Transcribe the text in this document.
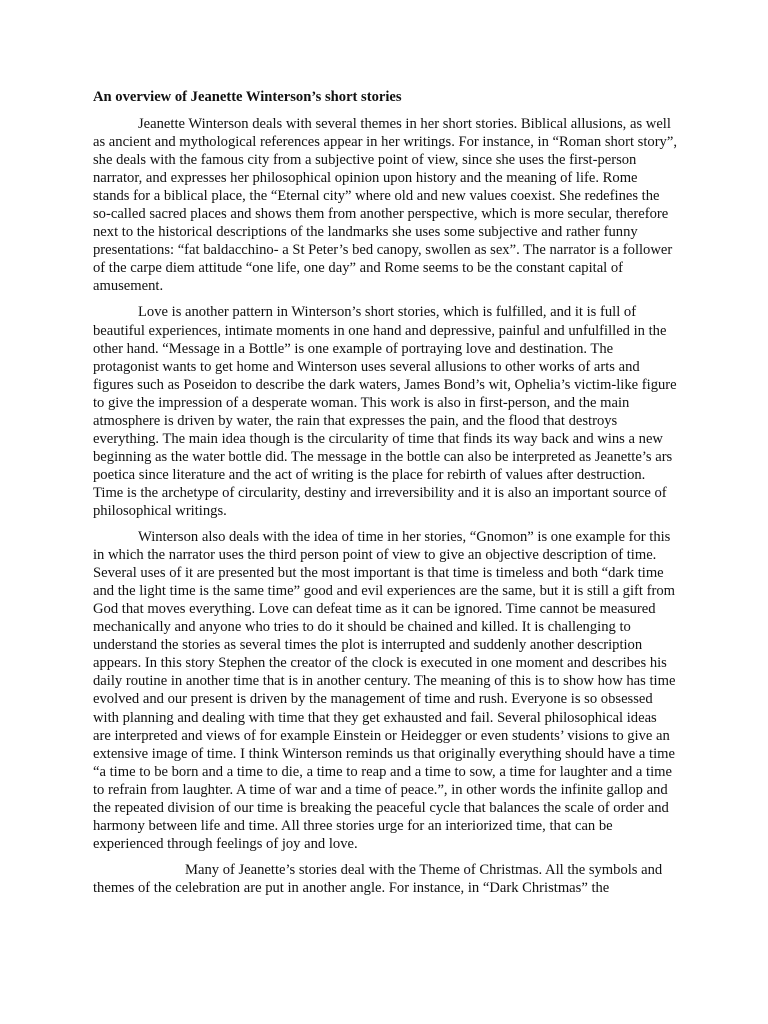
An overview of Jeanette Winterson’s short stories

Jeanette Winterson deals with several themes in her short stories. Biblical allusions, as well as ancient and mythological references appear in her writings. For instance, in “Roman short story”, she deals with the famous city from a subjective point of view, since she uses the first-person narrator, and expresses her philosophical opinion upon history and the meaning of life. Rome stands for a biblical place, the “Eternal city” where old and new values coexist. She redefines the so-called sacred places and shows them from another perspective, which is more secular, therefore next to the historical descriptions of the landmarks she uses some subjective and rather funny presentations: “fat baldacchino- a St Peter’s bed canopy, swollen as sex”. The narrator is a follower of the carpe diem attitude “one life, one day” and Rome seems to be the constant capital of amusement.

Love is another pattern in Winterson’s short stories, which is fulfilled, and it is full of beautiful experiences, intimate moments in one hand and depressive, painful and unfulfilled in the other hand. “Message in a Bottle” is one example of portraying love and destination. The protagonist wants to get home and Winterson uses several allusions to other works of arts and figures such as Poseidon to describe the dark waters, James Bond’s wit, Ophelia’s victim-like figure to give the impression of a desperate woman. This work is also in first-person, and the main atmosphere is driven by water, the rain that expresses the pain, and the flood that destroys everything. The main idea though is the circularity of time that finds its way back and wins a new beginning as the water bottle did. The message in the bottle can also be interpreted as Jeanette’s ars poetica since literature and the act of writing is the place for rebirth of values after destruction. Time is the archetype of circularity, destiny and irreversibility and it is also an important source of philosophical writings.

Winterson also deals with the idea of time in her stories, “Gnomon” is one example for this in which the narrator uses the third person point of view to give an objective description of time. Several uses of it are presented but the most important is that time is timeless and both “dark time and the light time is the same time” good and evil experiences are the same, but it is still a gift from God that moves everything. Love can defeat time as it can be ignored. Time cannot be measured mechanically and anyone who tries to do it should be chained and killed. It is challenging to understand the stories as several times the plot is interrupted and suddenly another description appears. In this story Stephen the creator of the clock is executed in one moment and describes his daily routine in another time that is in another century. The meaning of this is to show how has time evolved and our present is driven by the management of time and rush. Everyone is so obsessed with planning and dealing with time that they get exhausted and fail. Several philosophical ideas are interpreted and views of for example Einstein or Heidegger or even students’ visions to give an extensive image of time. I think Winterson reminds us that originally everything should have a time “a time to be born and a time to die, a time to reap and a time to sow, a time for laughter and a time to refrain from laughter. A time of war and a time of peace.”, in other words the infinite gallop and the repeated division of our time is breaking the peaceful cycle that balances the scale of order and harmony between life and time. All three stories urge for an interiorized time, that can be experienced through feelings of joy and love.

Many of Jeanette’s stories deal with the Theme of Christmas. All the symbols and themes of the celebration are put in another angle. For instance, in “Dark Christmas” the
